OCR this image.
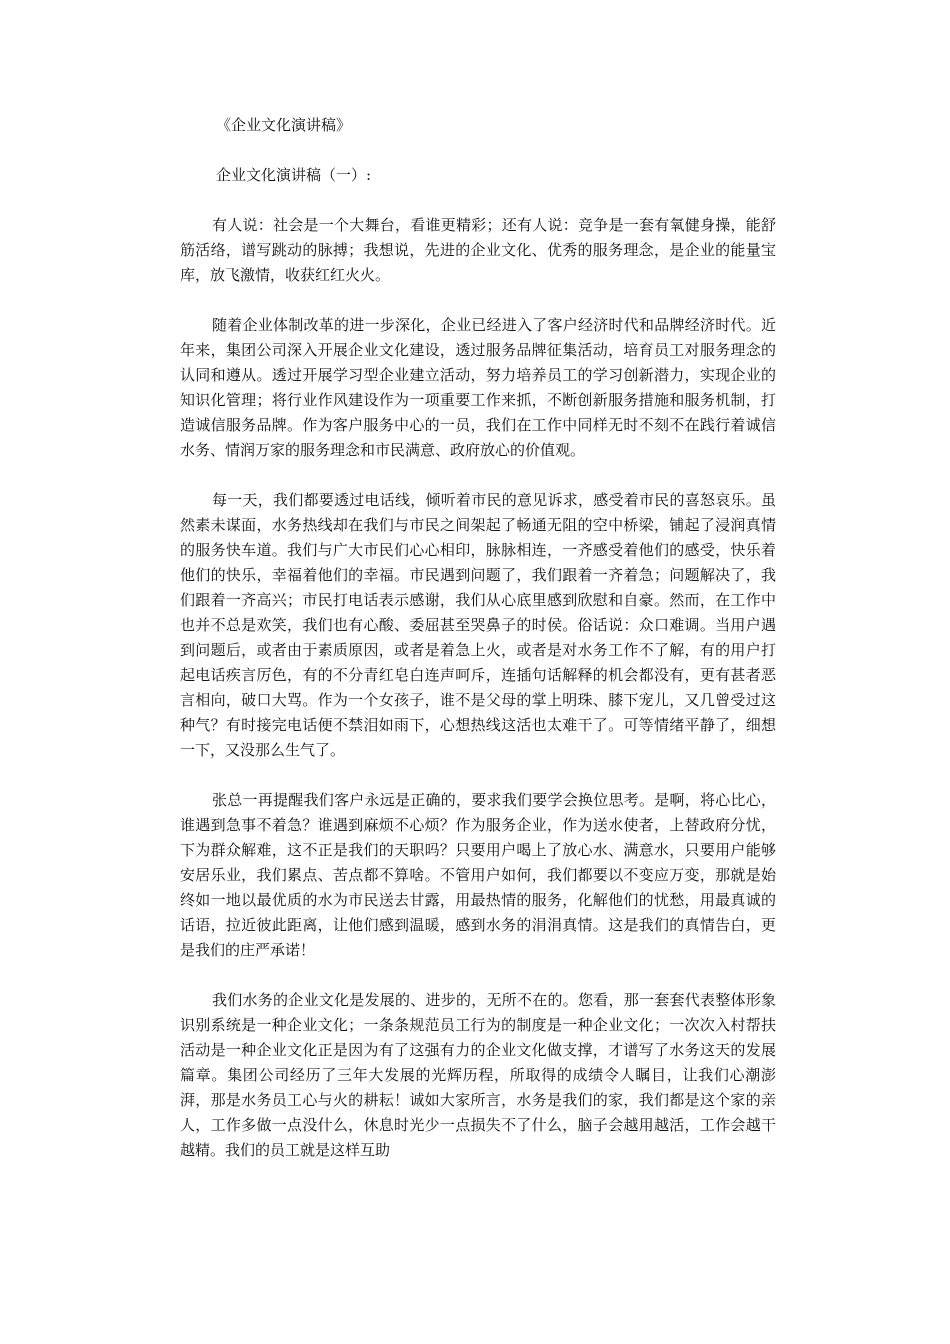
《企业文化演讲稿》

企业文化演讲稿（一）:

有人说：社会是一个大舞台，看谁更精彩；还有人说：竞争是一套有氧健身操，能舒筋活络，谱写跳动的脉搏；我想说，先进的企业文化、优秀的服务理念，是企业的能量宝库，放飞激情，收获红红火火。

随着企业体制改革的进一步深化，企业已经进入了客户经济时代和品牌经济时代。近年来，集团公司深入开展企业文化建设，透过服务品牌征集活动，培育员工对服务理念的认同和遵从。透过开展学习型企业建立活动，努力培养员工的学习创新潜力，实现企业的知识化管理；将行业作风建设作为一项重要工作来抓，不断创新服务措施和服务机制，打造诚信服务品牌。作为客户服务中心的一员，我们在工作中同样无时不刻不在践行着诚信水务、情润万家的服务理念和市民满意、政府放心的价值观。

每一天，我们都要透过电话线，倾听着市民的意见诉求，感受着市民的喜怒哀乐。虽然素未谋面，水务热线却在我们与市民之间架起了畅通无阻的空中桥梁，铺起了浸润真情的服务快车道。我们与广大市民们心心相印，脉脉相连，一齐感受着他们的感受，快乐着他们的快乐，幸福着他们的幸福。市民遇到问题了，我们跟着一齐着急；问题解决了，我们跟着一齐高兴；市民打电话表示感谢，我们从心底里感到欣慰和自豪。然而，在工作中也并不总是欢笑，我们也有心酸、委屈甚至哭鼻子的时侯。俗话说：众口难调。当用户遇到问题后，或者由于素质原因，或者是着急上火，或者是对水务工作不了解，有的用户打起电话疾言厉色，有的不分青红皂白连声呵斥，连插句话解释的机会都没有，更有甚者恶言相向，破口大骂。作为一个女孩子，谁不是父母的掌上明珠、膝下宠儿，又几曾受过这种气？有时接完电话便不禁泪如雨下，心想热线这活也太难干了。可等情绪平静了，细想一下，又没那么生气了。

张总一再提醒我们客户永远是正确的，要求我们要学会换位思考。是啊，将心比心，谁遇到急事不着急？谁遇到麻烦不心烦？作为服务企业，作为送水使者，上替政府分忧，下为群众解难，这不正是我们的天职吗？只要用户喝上了放心水、满意水，只要用户能够安居乐业，我们累点、苦点都不算啥。不管用户如何，我们都要以不变应万变，那就是始终如一地以最优质的水为市民送去甘露，用最热情的服务，化解他们的忧愁，用最真诚的话语，拉近彼此距离，让他们感到温暖，感到水务的涓涓真情。这是我们的真情告白，更是我们的庄严承诺！

我们水务的企业文化是发展的、进步的，无所不在的。您看，那一套套代表整体形象识别系统是一种企业文化；一条条规范员工行为的制度是一种企业文化；一次次入村帮扶活动是一种企业文化正是因为有了这强有力的企业文化做支撑，才谱写了水务这天的发展篇章。集团公司经历了三年大发展的光辉历程，所取得的成绩令人瞩目，让我们心潮澎湃，那是水务员工心与火的耕耘！诚如大家所言，水务是我们的家，我们都是这个家的亲人，工作多做一点没什么，休息时光少一点损失不了什么，脑子会越用越活，工作会越干越精。我们的员工就是这样互助
